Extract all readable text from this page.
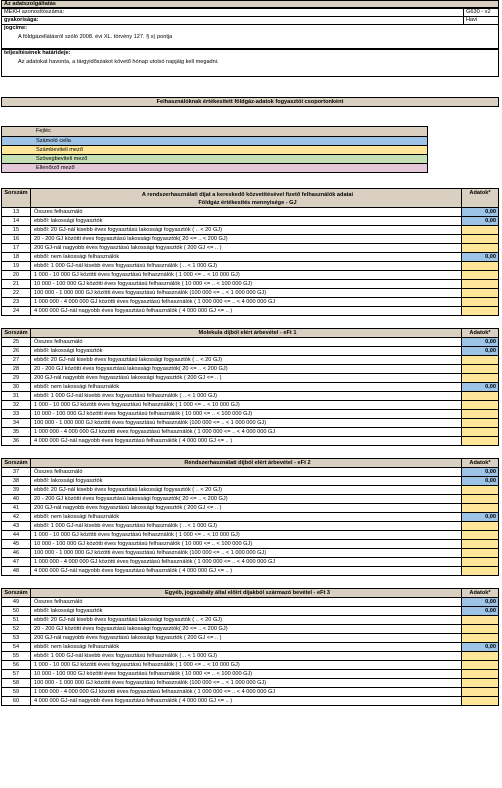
Az adatszolgáltatás
MEKH azonosítószáma:	G630 - v2
gyakorisága:	Havi
jogcíme:
A földgázellátásról szóló 2008. évi XL. törvény 127. § s) pontja
teljesítésének határideje:
Az adatokat havonta, a tárgyidőszakot követő hónap utolsó napjáig kell megadni.
Felhasználóknak értékesített földgáz-adatok fogyasztói csoportonként
Fejléc
Számoló cella
Számbeviteli mező
Szövegbeviteli mező
Ellenőrző mező
Sorszám	A rendszerhasználati díjat a kereskedő közvetítésével fizető felhasználók adatai
Földgáz értékesítés mennyisége - GJ
Adatok*
13	Összes felhasználó	0,00
14	ebből: lakossági fogyasztók	0,00
15	ebből: 20 GJ-nál kisebb éves fogyasztású lakossági fogyasztók ( .. < 20 GJ)
16	20 - 200 GJ közötti éves fogyasztású lakossági fogyasztók( 20 <= .. < 200 GJ)
17	200 GJ-nál nagyobb éves fogyasztású lakossági fogyasztók ( 200 GJ <= .. )
18	ebből: nem lakossági felhasználók	0,00
19	ebből: 1 000 GJ-nál kisebb éves fogyasztású felhasználók ( .. < 1 000 GJ)
20	1 000 - 10 000 GJ közötti éves fogyasztású felhasználók ( 1 000 <= .. < 10 000 GJ)
21	10 000 - 100 000 GJ közötti éves fogyasztású felhasználók ( 10 000 <= .. < 100 000 GJ)
22	100 000 - 1 000 000 GJ közötti éves fogyasztású felhasználók (100 000 <= .. < 1 000 000 GJ)
23	1 000 000 - 4 000 000 GJ közötti éves fogyasztású felhasználók ( 1 000 000 <= .. < 4 000 000 GJ
24	4 000 000 GJ-nál nagyobb éves fogyasztású felhasználók ( 4 000 000 GJ <= .. )
Sorszám	Molekula díjból elért árbevétel - eFt 1	Adatok*
25	Összes felhasználó	0,00
26	ebből: lakossági fogyasztók	0,00
27	ebből: 20 GJ-nál kisebb éves fogyasztású lakossági fogyasztók ( .. < 20 GJ)
28	20 - 200 GJ közötti éves fogyasztású lakossági fogyasztók( 20 <= .. < 200 GJ)
29	200 GJ-nál nagyobb éves fogyasztású lakossági fogyasztók ( 200 GJ <= .. )
30	ebből: nem lakossági felhasználók	0,00
31	ebből: 1 000 GJ-nál kisebb éves fogyasztású felhasználók ( .. < 1 000 GJ)
32	1 000 - 10 000 GJ közötti éves fogyasztású felhasználók ( 1 000 <= .. < 10 000 GJ)
33	10 000 - 100 000 GJ közötti éves fogyasztású felhasználók ( 10 000 <= .. < 100 000 GJ)
34	100 000 - 1 000 000 GJ közötti éves fogyasztású felhasználók (100 000 <= .. < 1 000 000 GJ)
35	1 000 000 - 4 000 000 GJ közötti éves fogyasztású felhasználók ( 1 000 000 <= .. < 4 000 000 GJ
36	4 000 000 GJ-nál nagyobb éves fogyasztású felhasználók ( 4 000 000 GJ <= .. )
Sorszám	Rendszerhasználati díjból elért árbevétel - eFt 2	Adatok*
37	Összes felhasználó	0,00
38	ebből: lakossági fogyasztók	0,00
39	ebből: 20 GJ-nál kisebb éves fogyasztású lakossági fogyasztók ( .. < 20 GJ)
40	20 - 200 GJ közötti éves fogyasztású lakossági fogyasztók( 20 <= .. < 200 GJ)
41	200 GJ-nál nagyobb éves fogyasztású lakossági fogyasztók ( 200 GJ <= .. )
42	ebből: nem lakossági felhasználók	0,00
43	ebből: 1 000 GJ-nál kisebb éves fogyasztású felhasználók ( .. < 1 000 GJ)
44	1 000 - 10 000 GJ közötti éves fogyasztású felhasználók ( 1 000 <= .. < 10 000 GJ)
45	10 000 - 100 000 GJ közötti éves fogyasztású felhasználók ( 10 000 <= .. < 100 000 GJ)
46	100 000 - 1 000 000 GJ közötti éves fogyasztású felhasználók (100 000 <= .. < 1 000 000 GJ)
47	1 000 000 - 4 000 000 GJ közötti éves fogyasztású felhasználók ( 1 000 000 <= .. < 4 000 000 GJ
48	4 000 000 GJ-nál nagyobb éves fogyasztású felhasználók ( 4 000 000 GJ <= .. )
Sorszám	Egyéb, jogszabály által előírt díjakból származó bevétel - eFt 3	Adatok*
49	Összes felhasználó	0,00
50	ebből: lakossági fogyasztók	0,00
51	ebből: 20 GJ-nál kisebb éves fogyasztású lakossági fogyasztók ( .. < 20 GJ)
52	20 - 200 GJ közötti éves fogyasztású lakossági fogyasztók( 20 <= .. < 200 GJ)
53	200 GJ-nál nagyobb éves fogyasztású lakossági fogyasztók ( 200 GJ <= .. )
54	ebből: nem lakossági felhasználók	0,00
55	ebből: 1 000 GJ-nál kisebb éves fogyasztású felhasználók ( .. < 1 000 GJ)
56	1 000 - 10 000 GJ közötti éves fogyasztású felhasználók ( 1 000 <= .. < 10 000 GJ)
57	10 000 - 100 000 GJ közötti éves fogyasztású felhasználók ( 10 000 <= .. < 100 000 GJ)
58	100 000 - 1 000 000 GJ közötti éves fogyasztású felhasználók (100 000 <= .. < 1 000 000 GJ)
59	1 000 000 - 4 000 000 GJ közötti éves fogyasztású felhasználók ( 1 000 000 <= .. < 4 000 000 GJ
60	4 000 000 GJ-nál nagyobb éves fogyasztású felhasználók ( 4 000 000 GJ <= .. )
